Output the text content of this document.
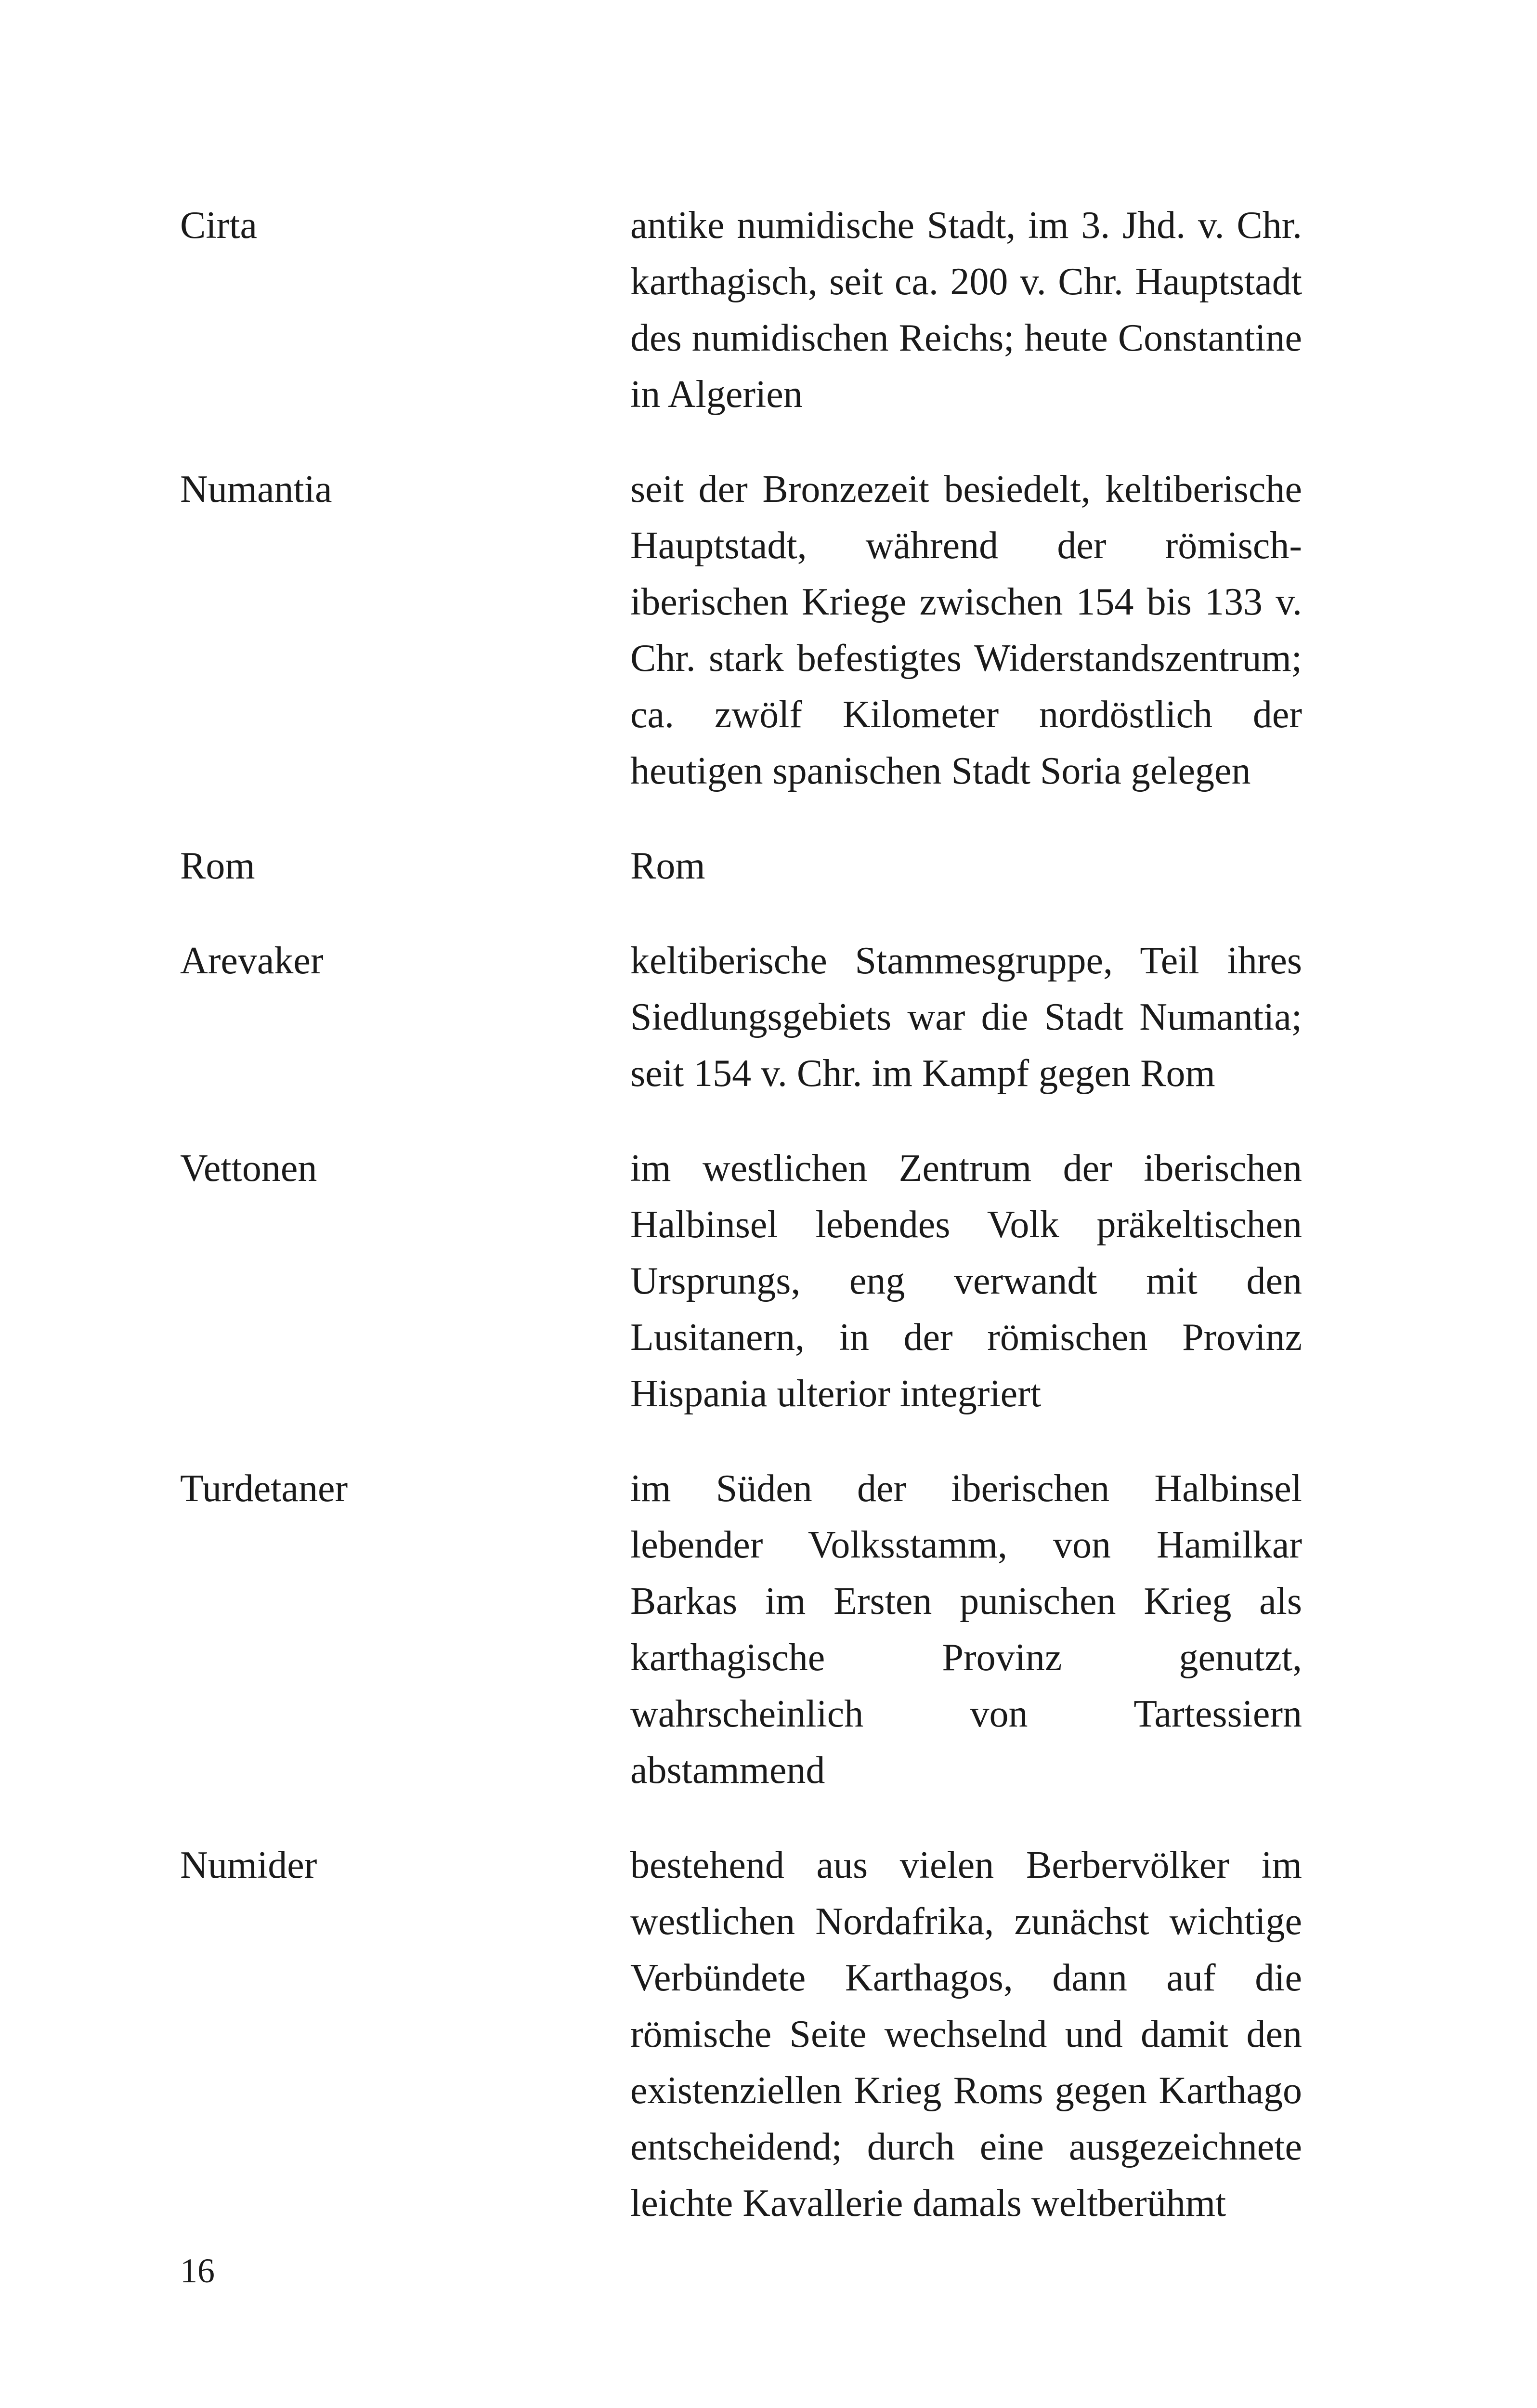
Cirta	antike numidische Stadt, im 3. Jhd. v. Chr. karthagisch, seit ca. 200 v. Chr. Hauptstadt des numidischen Reichs; heute Constantine in Algerien
Numantia	seit der Bronzezeit besiedelt, keltiberische Hauptstadt, während der römisch-iberischen Kriege zwischen 154 bis 133 v. Chr. stark befestigtes Widerstandszentrum; ca. zwölf Kilometer nordöstlich der heutigen spanischen Stadt Soria gelegen
Rom	Rom
Arevaker	keltiberische Stammesgruppe, Teil ihres Siedlungsgebiets war die Stadt Numantia; seit 154 v. Chr. im Kampf gegen Rom
Vettonen	im westlichen Zentrum der iberischen Halbinsel lebendes Volk präkeltischen Ursprungs, eng verwandt mit den Lusitanern, in der römischen Provinz Hispania ulterior integriert
Turdetaner	im Süden der iberischen Halbinsel lebender Volksstamm, von Hamilkar Barkas im Ersten punischen Krieg als karthagische Provinz genutzt, wahrscheinlich von Tartessiern abstammend
Numider	bestehend aus vielen Berbervölker im westlichen Nordafrika, zunächst wichtige Verbündete Karthagos, dann auf die römische Seite wechselnd und damit den existenziellen Krieg Roms gegen Karthago entscheidend; durch eine ausgezeichnete leichte Kavallerie damals weltberühmt
16
